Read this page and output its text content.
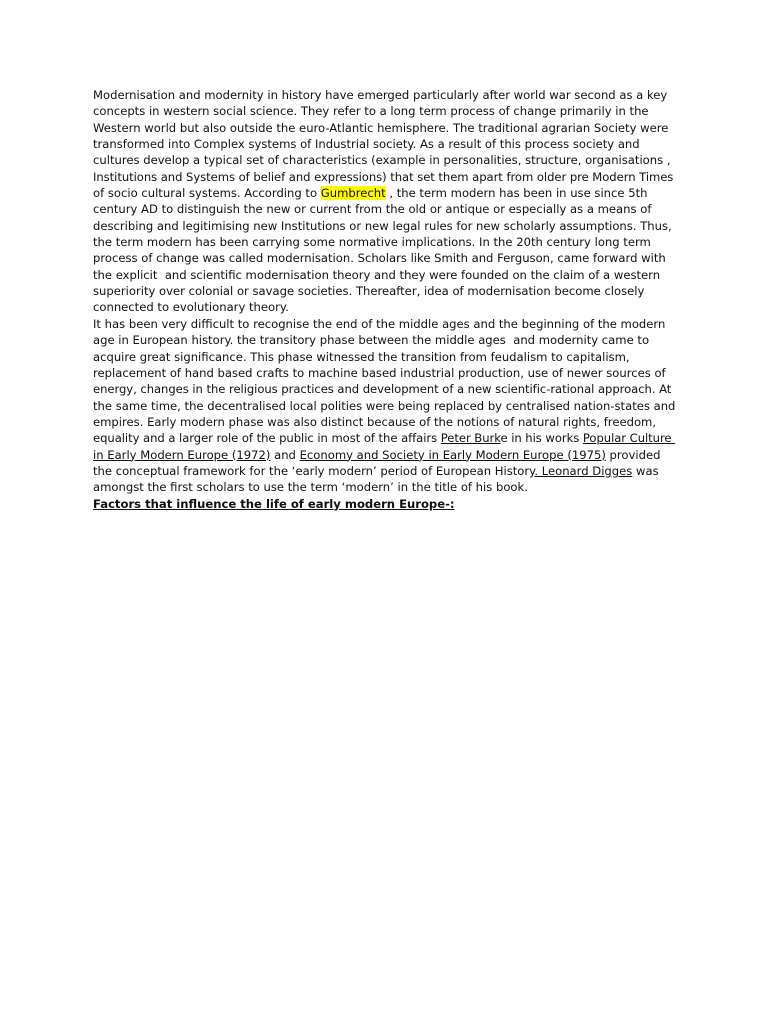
Modernisation and modernity in history have emerged particularly after world war second as a key
concepts in western social science. They refer to a long term process of change primarily in the
Western world but also outside the euro-Atlantic hemisphere. The traditional agrarian Society were
transformed into Complex systems of Industrial society. As a result of this process society and
cultures develop a typical set of characteristics (example in personalities, structure, organisations ,
Institutions and Systems of belief and expressions) that set them apart from older pre Modern Times
of socio cultural systems. According to Gumbrecht , the term modern has been in use since 5th
century AD to distinguish the new or current from the old or antique or especially as a means of
describing and legitimising new Institutions or new legal rules for new scholarly assumptions. Thus,
the term modern has been carrying some normative implications. In the 20th century long term
process of change was called modernisation. Scholars like Smith and Ferguson, came forward with
the explicit  and scientific modernisation theory and they were founded on the claim of a western
superiority over colonial or savage societies. Thereafter, idea of modernisation become closely
connected to evolutionary theory.
It has been very difficult to recognise the end of the middle ages and the beginning of the modern
age in European history. the transitory phase between the middle ages  and modernity came to
acquire great significance. This phase witnessed the transition from feudalism to capitalism,
replacement of hand based crafts to machine based industrial production, use of newer sources of
energy, changes in the religious practices and development of a new scientific-rational approach. At
the same time, the decentralised local polities were being replaced by centralised nation-states and
empires. Early modern phase was also distinct because of the notions of natural rights, freedom,
equality and a larger role of the public in most of the affairs Peter Burke in his works Popular Culture
in Early Modern Europe (1972) and Economy and Society in Early Modern Europe (1975) provided
the conceptual framework for the ‘early modern’ period of European History. Leonard Digges was
amongst the first scholars to use the term ‘modern’ in the title of his book.
Factors that influence the life of early modern Europe-:
